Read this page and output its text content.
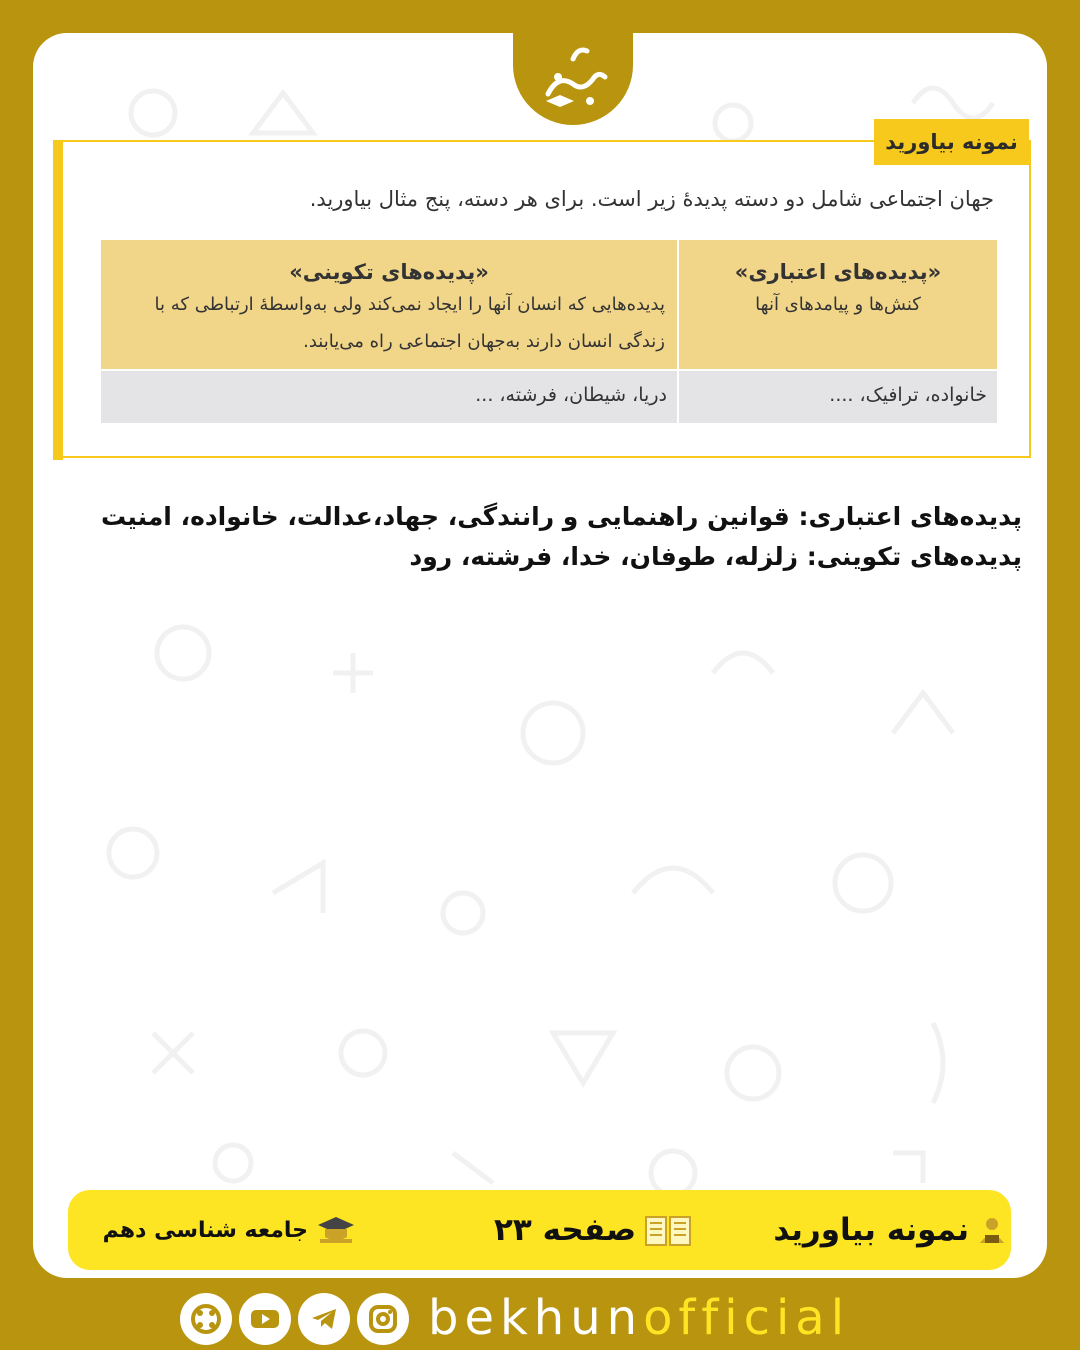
نمونه بیاورید
جهان اجتماعی شامل دو دسته پدیدهٔ زیر است. برای هر دسته، پنج مثال بیاورید.
«پدیده‌های اعتباری»
کنش‌ها و پیامدهای آنها
خانواده، ترافیک، ....
«پدیده‌های تکوینی»
پدیده‌هایی که انسان آنها را ایجاد نمی‌کند ولی به‌واسطهٔ ارتباطی که با زندگی انسان دارند به‌جهان اجتماعی راه می‌یابند.
دریا، شیطان، فرشته، ...
پدیده‌های اعتباری: قوانین راهنمایی و رانندگی، جهاد،عدالت، خانواده، امنیت
پدیده‌های تکوینی: زلزله، طوفان، خدا، فرشته، رود
نمونه بیاورید
صفحه ۲۳
جامعه شناسی دهم
bekhunofficial
